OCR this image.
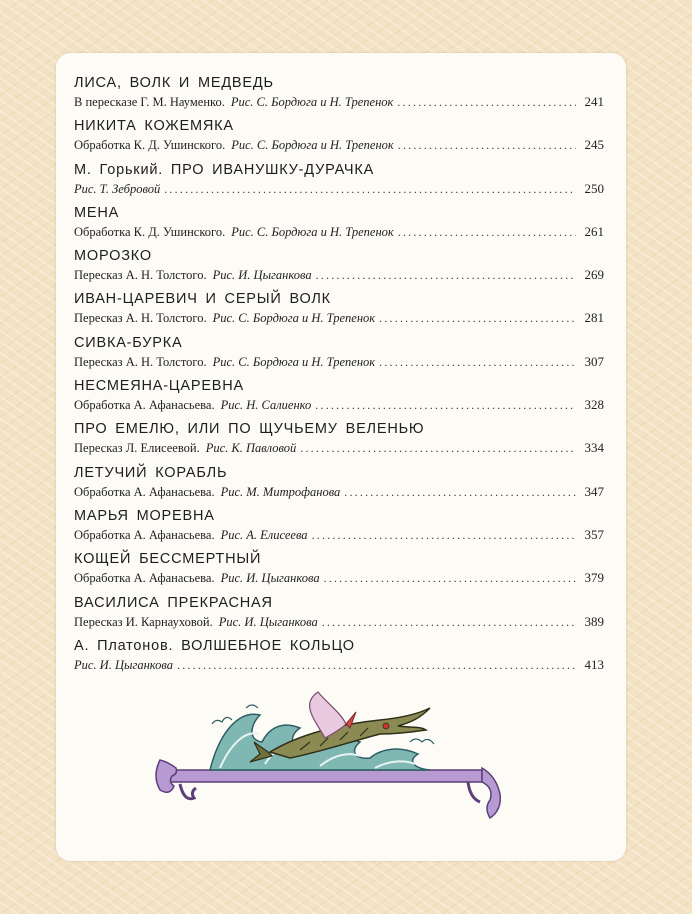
ЛИСА, ВОЛК И МЕДВЕДЬ
В пересказе Г. М. Науменко. Рис. С. Бордюга и Н. Трепенок .....	241
НИКИТА КОЖЕМЯКА
Обработка К. Д. Ушинского. Рис. С. Бордюга и Н. Трепенок .....	245
М. Горький. ПРО ИВАНУШКУ-ДУРАЧКА
Рис. Т. Зебровой .....	250
МЕНА
Обработка К. Д. Ушинского. Рис. С. Бордюга и Н. Трепенок .....	261
МОРОЗКО
Пересказ А. Н. Толстого. Рис. И. Цыганкова .....	269
ИВАН-ЦАРЕВИЧ И СЕРЫЙ ВОЛК
Пересказ А. Н. Толстого. Рис. С. Бордюга и Н. Трепенок .....	281
СИВКА-БУРКА
Пересказ А. Н. Толстого. Рис. С. Бордюга и Н. Трепенок .....	307
НЕСМЕЯНА-ЦАРЕВНА
Обработка А. Афанасьева. Рис. Н. Салиенко .....	328
ПРО ЕМЕЛЮ, ИЛИ ПО ЩУЧЬЕМУ ВЕЛЕНЬЮ
Пересказ Л. Елисеевой. Рис. К. Павловой .....	334
ЛЕТУЧИЙ КОРАБЛЬ
Обработка А. Афанасьева. Рис. М. Митрофанова .....	347
МАРЬЯ МОРЕВНА
Обработка А. Афанасьева. Рис. А. Елисеева .....	357
КОЩЕЙ БЕССМЕРТНЫЙ
Обработка А. Афанасьева. Рис. И. Цыганкова .....	379
ВАСИЛИСА ПРЕКРАСНАЯ
Пересказ И. Карнауховой. Рис. И. Цыганкова .....	389
А. Платонов. ВОЛШЕБНОЕ КОЛЬЦО
Рис. И. Цыганкова .....	413
